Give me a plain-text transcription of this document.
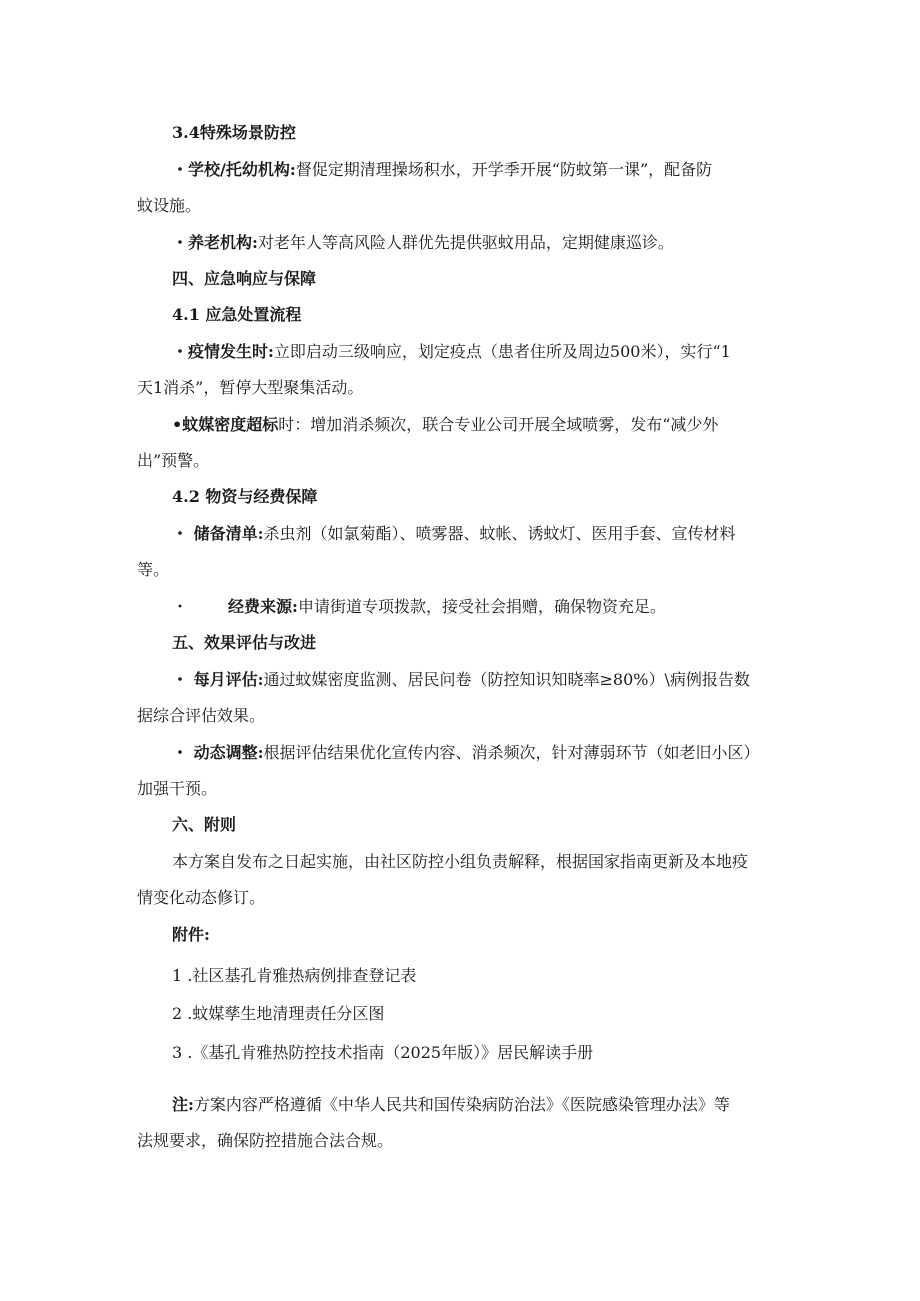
3.4特殊场景防控
・学校/托幼机构:督促定期清理操场积水，开学季开展“防蚊第一课”，配备防
蚊设施。
・养老机构:对老年人等高风险人群优先提供驱蚊用品，定期健康巡诊。
四、应急响应与保障
4.1 应急处置流程
・疫情发生时:立即启动三级响应，划定疫点（患者住所及周边500米），实行“1
天1消杀”，暂停大型聚集活动。
•蚊媒密度超标时：增加消杀频次，联合专业公司开展全域喷雾，发布“减少外
出”预警。
4.2 物资与经费保障
・ 储备清单:杀虫剂（如氯菊酯）、喷雾器、蚊帐、诱蚊灯、医用手套、宣传材料
等。
・	经费来源:申请街道专项拨款，接受社会捐赠，确保物资充足。
五、效果评估与改进
・ 每月评估:通过蚊媒密度监测、居民问卷（防控知识知晓率≥80%）\病例报告数
据综合评估效果。
・ 动态调整:根据评估结果优化宣传内容、消杀频次，针对薄弱环节（如老旧小区）
加强干预。
六、附则
本方案自发布之日起实施，由社区防控小组负责解释，根据国家指南更新及本地疫
情变化动态修订。
附件:
1 .社区基孔肯雅热病例排查登记表
2 .蚊媒孳生地清理责任分区图
3 .《基孔肯雅热防控技术指南（2025年版）》居民解读手册
注:方案内容严格遵循《中华人民共和国传染病防治法》《医院感染管理办法》等
法规要求，确保防控措施合法合规。
